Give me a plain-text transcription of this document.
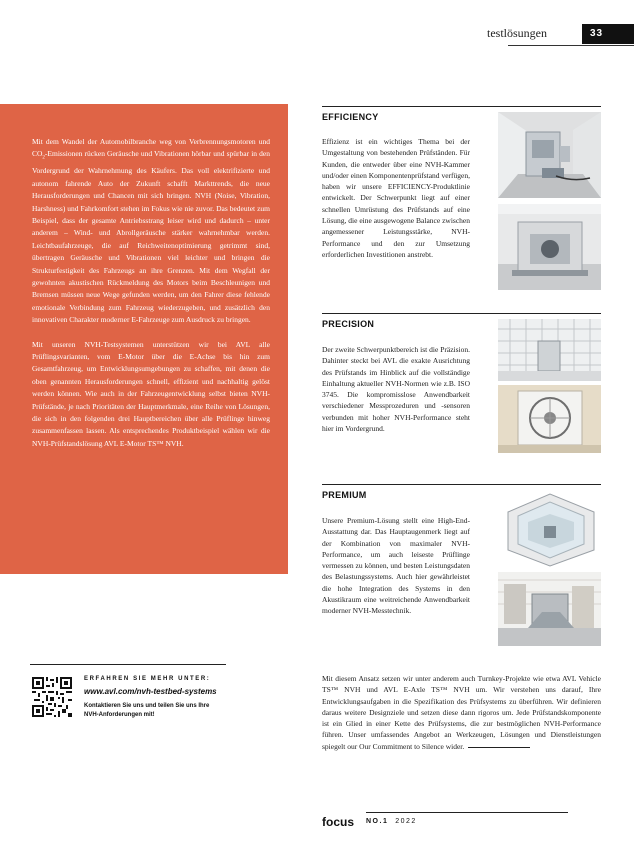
testlösungen	33

Mit dem Wandel der Automobilbranche weg von Verbrennungsmotoren und $CO_2$-Emissionen rücken Geräusche und Vibrationen hörbar und spürbar in den Vordergrund der Wahrnehmung des Käufers. Das voll elektrifizierte und autonom fahrende Auto der Zukunft schafft Markttrends, die neue Herausforderungen und Chancen mit sich bringen. NVH (Noise, Vibration, Harshness) und Fahrkomfort stehen im Fokus wie nie zuvor. Das bedeutet zum Beispiel, dass der gesamte Antriebsstrang leiser wird und dadurch – unter anderem – Wind- und Abrollgeräusche stärker wahrnehmbar werden. Leichtbaufahrzeuge, die auf Reichweitenoptimierung getrimmt sind, übertragen Geräusche und Vibrationen viel leichter und bringen die Strukturfestigkeit des Fahrzeugs an ihre Grenzen. Mit dem Wegfall der gewohnten akustischen Rückmeldung des Motors beim Beschleunigen und Bremsen müssen neue Wege gefunden werden, um den Fahrer diese fehlende emotionale Verbindung zum Fahrzeug wiederzugeben, und zusätzlich den innovativen Charakter moderner E-Fahrzeuge zum Ausdruck zu bringen.

Mit unseren NVH-Testsystemen unterstützen wir bei AVL alle Prüflingsvarianten, vom E-Motor über die E-Achse bis hin zum Gesamtfahrzeug, um Entwicklungsumgebungen zu schaffen, mit denen die oben genannten Herausforderungen schnell, effizient und nachhaltig gelöst werden können. Wie auch in der Fahrzeugentwicklung selbst bieten NVH-Prüfstände, je nach Prioritäten der Hauptmerkmale, eine Reihe von Lösungen, die sich in den folgenden drei Hauptbereichen über alle Prüflinge hinweg zusammenfassen lassen. Als entsprechendes Produktbeispiel wählen wir die NVH-Prüfstandslösung AVL E-Motor TS™ NVH.

EFFICIENCY
Effizienz ist ein wichtiges Thema bei der Umgestaltung von bestehenden Prüfständen. Für Kunden, die entweder über eine NVH-Kammer und/oder einen Komponentenprüfstand verfügen, haben wir unsere EFFICIENCY-Produktlinie entwickelt. Der Schwerpunkt liegt auf einer schnellen Umrüstung des Prüfstands auf eine Lösung, die eine ausgewogene Balance zwischen angemessener Leistungsstärke, NVH-Performance und den zur Umsetzung erforderlichen Investitionen anstrebt.
PRECISION
Der zweite Schwerpunktbereich ist die Präzision. Dahinter steckt bei AVL die exakte Ausrichtung des Prüfstands im Hinblick auf die vollständige Einhaltung aktueller NVH-Normen wie z.B. ISO 3745. Die kompromisslose Anwendbarkeit verschiedener Messprozeduren und -sensoren verbunden mit hoher NVH-Performance steht hier im Vordergrund.
PREMIUM
Unsere Premium-Lösung stellt eine High-End-Ausstattung dar. Das Hauptaugenmerk liegt auf der Kombination von maximaler NVH-Performance, um auch leiseste Prüflinge vermessen zu können, und besten Leistungsdaten des Belastungssystems. Auch hier gewährleistet die hohe Integration des Systems in den Akustikraum eine weitreichende Anwendbarkeit moderner NVH-Messtechnik.
ERFAHREN SIE MEHR UNTER:
www.avl.com/nvh-testbed-systems
Kontaktieren Sie uns und teilen Sie uns Ihre NVH-Anforderungen mit!
Mit diesem Ansatz setzen wir unter anderem auch Turnkey-Projekte wie etwa AVL Vehicle TS™ NVH und AVL E-Axle TS™ NVH um. Wir verstehen uns darauf, Ihre Entwicklungsaufgaben in die Spezifikation des Prüfsystems zu überführen. Wir definieren daraus weitere Designziele und setzen diese dann rigoros um. Jede Prüfstandskomponente ist ein Glied in einer Kette des Prüfsystems, die zur bestmöglichen NVH-Performance führen. Unser umfassendes Angebot an Werkzeugen, Lösungen und Dienstleistungen spiegelt our Our Commitment to Silence wider.
focus NO.1 2022
